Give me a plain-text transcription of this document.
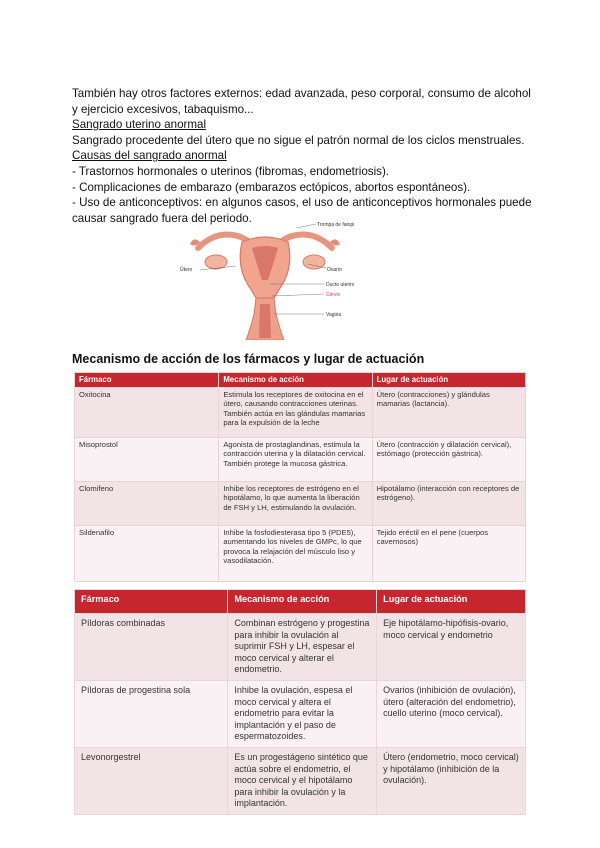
También hay otros factores externos: edad avanzada, peso corporal, consumo de alcohol y ejercicio excesivos, tabaquismo...

Sangrado uterino anormal

Sangrado procedente del útero que no sigue el patrón normal de los ciclos menstruales.

Causas del sangrado anormal

- Trastornos hormonales o uterinos (fibromas, endometriosis).

- Complicaciones de embarazo (embarazos ectópicos, abortos espontáneos).

- Uso de anticonceptivos: en algunos casos, el uso de anticonceptivos hormonales puede causar sangrado fuera del periodo.

Trompa de falopio
Útero	Ovario
Ducto uterino
Cérvix
Vagina
Mecanismo de acción de los fármacos y lugar de actuación
Fármaco	Mecanismo de acción	Lugar de actuación
Oxitocina	Estimula los receptores de oxitocina en el útero, causando contracciones uterinas. También actúa en las glándulas mamarias para la expulsión de la leche	Útero (contracciones) y glándulas mamarias (lactancia).
Misoprostol	Agonista de prostaglandinas, estimula la contracción uterina y la dilatación cervical. También protege la mucosa gástrica.	Útero (contracción y dilatación cervical), estómago (protección gástrica).
Clomifeno	Inhibe los receptores de estrógeno en el hipotálamo, lo que aumenta la liberación de FSH y LH, estimulando la ovulación.	Hipotálamo (interacción con receptores de estrógeno).
Sildenafilo	Inhibe la fosfodiesterasa tipo 5 (PDE5), aumentando los niveles de GMPc, lo que provoca la relajación del músculo liso y vasodilatación.	Tejido eréctil en el pene (cuerpos cavernosos)
Fármaco	Mecanismo de acción	Lugar de actuación
Píldoras combinadas	Combinan estrógeno y progestina para inhibir la ovulación al suprimir FSH y LH, espesar el moco cervical y alterar el endometrio.	Eje hipotálamo-hipófisis-ovario, moco cervical y endometrio
Píldoras de progestina sola	Inhibe la ovulación, espesa el moco cervical y altera el endometrio para evitar la implantación y el paso de espermatozoides.	Ovarios (inhibición de ovulación), útero (alteración del endometrio), cuello uterino (moco cervical).
Levonorgestrel	Es un progestágeno sintético que actúa sobre el endometrio, el moco cervical y el hipotálamo para inhibir la ovulación y la implantación.	Útero (endometrio, moco cervical) y hipotálamo (inhibición de la ovulación).
